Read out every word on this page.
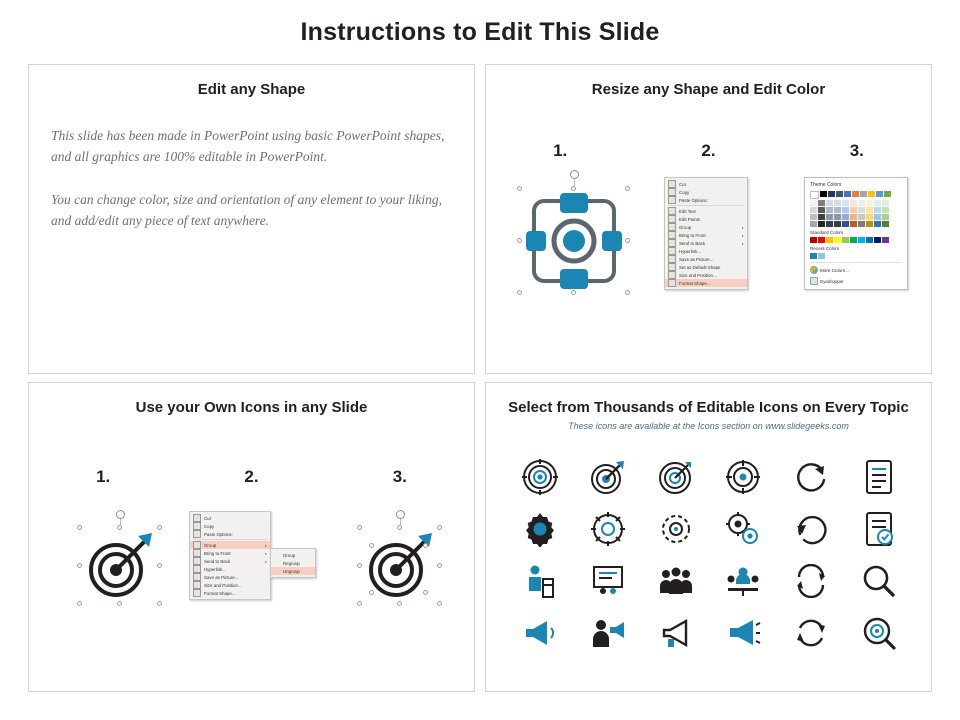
Instructions to Edit This Slide
Edit any Shape
This slide has been made in PowerPoint using basic PowerPoint shapes, and all graphics are 100% editable in PowerPoint.
You can change color, size and orientation of any element to your liking, and add/edit any piece of text anywhere.
Resize any Shape and Edit Color
1.	2.	3.
Cut
Copy
Paste Options:
Edit Text
Edit Points
Group	▸
Bring to Front	▸
Send to Back	▸
Hyperlink...
Save as Picture...
Set as Default Shape
Size and Position...
Format Shape...
Theme Colors
Standard Colors
Recent Colors
More Colors...
Eyedropper
Use your Own Icons in any Slide
1.	2.	3.
Cut
Copy
Paste Options:
Group	▸
Bring to Front	▸
Send to Back	▸
Hyperlink...
Save as Picture...
Size and Position...
Format Shape...
Group
Regroup
Ungroup
Select from Thousands of Editable Icons on Every Topic
These icons are available at the Icons section on www.slidegeeks.com
